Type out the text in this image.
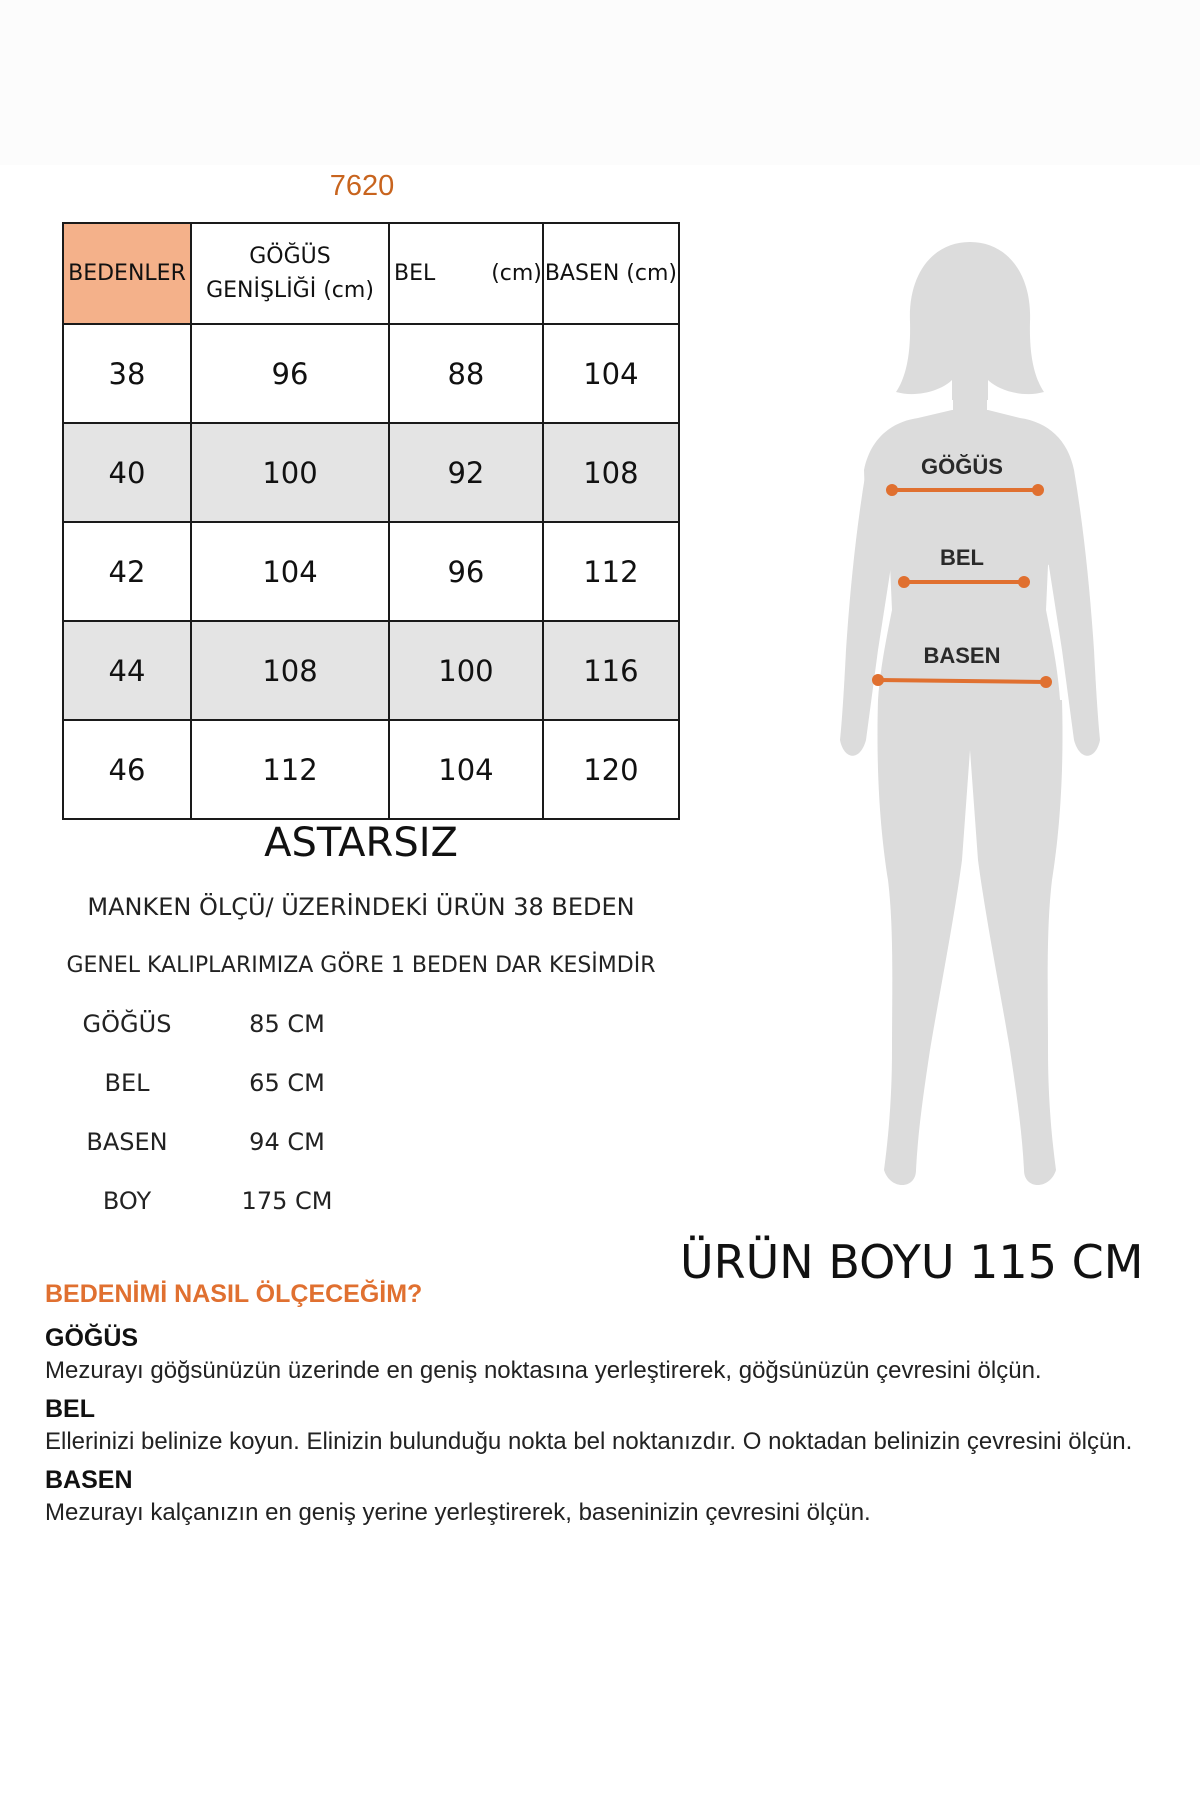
7620
BEDENLER	GÖĞÜS GENİŞLİĞİ (cm)	BEL        (cm)	BASEN (cm)
38	96	88	104
40	100	92	108
42	104	96	112
44	108	100	116
46	112	104	120
ASTARSIZ
MANKEN ÖLÇÜ/ ÜZERİNDEKİ ÜRÜN 38 BEDEN
GENEL KALIPLARIMIZA GÖRE 1 BEDEN DAR KESİMDİR
GÖĞÜS	85 CM
BEL	65 CM
BASEN	94 CM
BOY	175 CM
GÖĞÜS
BEL
BASEN
ÜRÜN BOYU 115 CM
BEDENİMİ NASIL ÖLÇECEĞİM?
GÖĞÜS

Mezurayı göğsünüzün üzerinde en geniş noktasına yerleştirerek, göğsünüzün çevresini ölçün.

BEL

Ellerinizi belinize koyun. Elinizin bulunduğu nokta bel noktanızdır. O noktadan belinizin çevresini ölçün.

BASEN

Mezurayı kalçanızın en geniş yerine yerleştirerek, baseninizin çevresini ölçün.
